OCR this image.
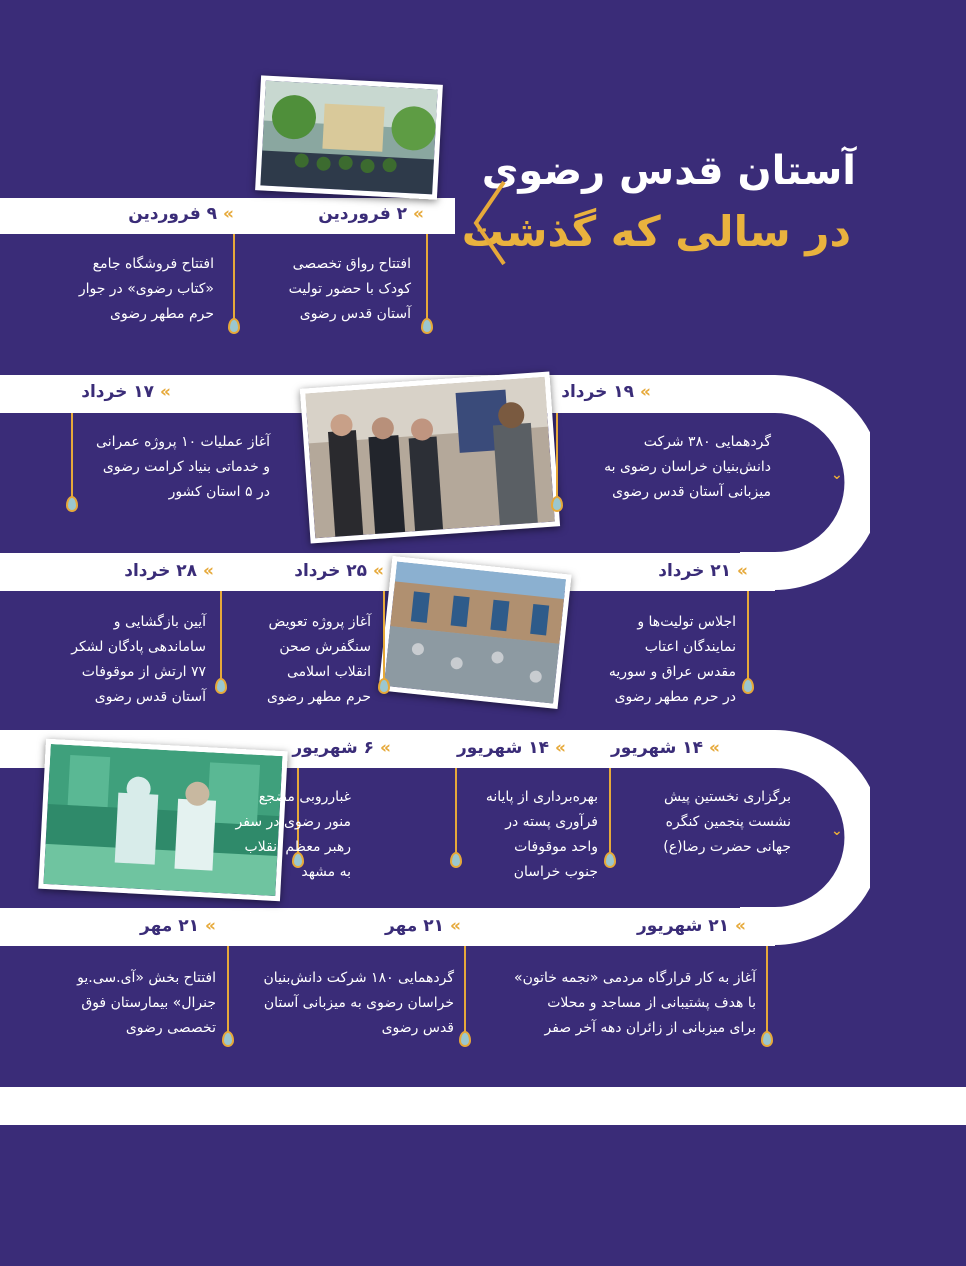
آستان قدس رضوی
در سالی که گذشت
⌄
⌄
»۲ فروردین
افتتاح رواق تخصصی
کودک با حضور تولیت
آستان قدس رضوی
»۹ فروردین
افتتاح فروشگاه جامع
«کتاب رضوی» در جوار
حرم مطهر رضوی
»۱۹ خرداد
گردهمایی ۳۸۰ شرکت
دانش‌بنیان خراسان رضوی به
میزبانی آستان قدس رضوی
»۱۷ خرداد
آغاز عملیات ۱۰ پروژه عمرانی
و خدماتی بنیاد کرامت رضوی
در ۵ استان کشور
»۲۱ خرداد
اجلاس تولیت‌ها و
نمایندگان اعتاب
مقدس عراق و سوریه
در حرم مطهر رضوی
»۲۵ خرداد
آغاز پروژه تعویض
سنگفرش صحن
انقلاب اسلامی
حرم مطهر رضوی
»۲۸ خرداد
آیین بازگشایی و
ساماندهی پادگان لشکر
۷۷ ارتش از موقوفات
آستان قدس رضوی
»۱۴ شهریور
برگزاری نخستین پیش
نشست پنجمین کنگره
جهانی حضرت رضا(ع)
»۱۴ شهریور
بهره‌برداری از پایانه
فرآوری پسته در
واحد موقوفات
جنوب خراسان
»۶ شهریور
غبارروبی مضجع
منور رضوی در سفر
رهبر معظم انقلاب
به مشهد
»۲۱ شهریور
آغاز به کار قرارگاه مردمی «نجمه خاتون»
با هدف پشتیبانی از مساجد و محلات
برای میزبانی از زائران دهه آخر صفر
»۲۱ مهر
گردهمایی ۱۸۰ شرکت دانش‌بنیان
خراسان رضوی به میزبانی آستان
قدس رضوی
»۲۱ مهر
افتتاح بخش «آی.سی.یو
جنرال» بیمارستان فوق
تخصصی رضوی
